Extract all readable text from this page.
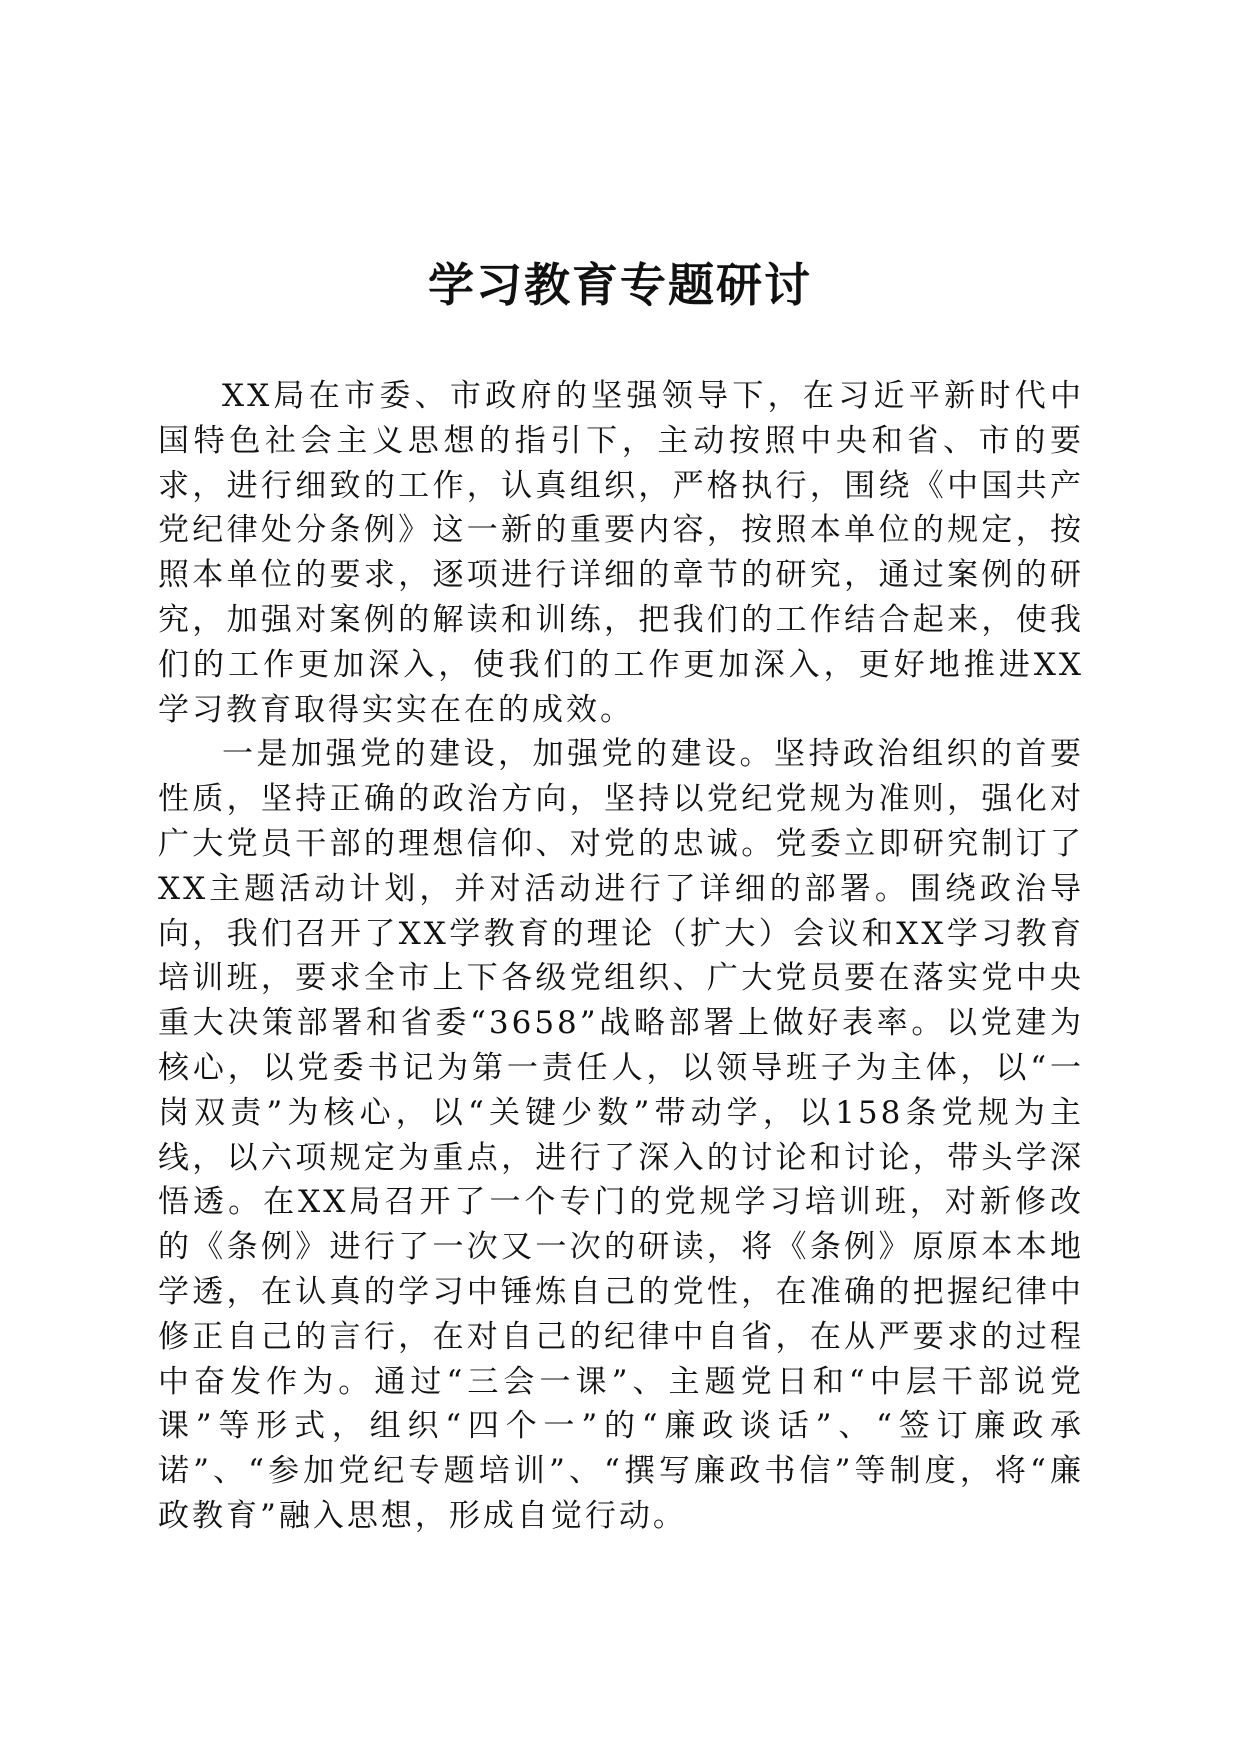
学习教育专题研讨

XX局在市委、市政府的坚强领导下，在习近平新时代中国特色社会主义思想的指引下，主动按照中央和省、市的要求，进行细致的工作，认真组织，严格执行，围绕《中国共产党纪律处分条例》这一新的重要内容，按照本单位的规定，按照本单位的要求，逐项进行详细的章节的研究，通过案例的研究，加强对案例的解读和训练，把我们的工作结合起来，使我们的工作更加深入，使我们的工作更加深入，更好地推进XX学习教育取得实实在在的成效。

一是加强党的建设，加强党的建设。坚持政治组织的首要性质，坚持正确的政治方向，坚持以党纪党规为准则，强化对广大党员干部的理想信仰、对党的忠诚。党委立即研究制订了XX主题活动计划，并对活动进行了详细的部署。围绕政治导向，我们召开了XX学教育的理论（扩大）会议和XX学习教育培训班，要求全市上下各级党组织、广大党员要在落实党中央重大决策部署和省委“3658”战略部署上做好表率。以党建为核心，以党委书记为第一责任人，以领导班子为主体，以“一岗双责”为核心，以“关键少数”带动学，以158条党规为主线，以六项规定为重点，进行了深入的讨论和讨论，带头学深悟透。在XX局召开了一个专门的党规学习培训班，对新修改的《条例》进行了一次又一次的研读，将《条例》原原本本地学透，在认真的学习中锤炼自己的党性，在准确的把握纪律中修正自己的言行，在对自己的纪律中自省，在从严要求的过程中奋发作为。通过“三会一课”、主题党日和“中层干部说党课”等形式，组织“四个一”的“廉政谈话”、“签订廉政承诺”、“参加党纪专题培训”、“撰写廉政书信”等制度，将“廉政教育”融入思想，形成自觉行动。
